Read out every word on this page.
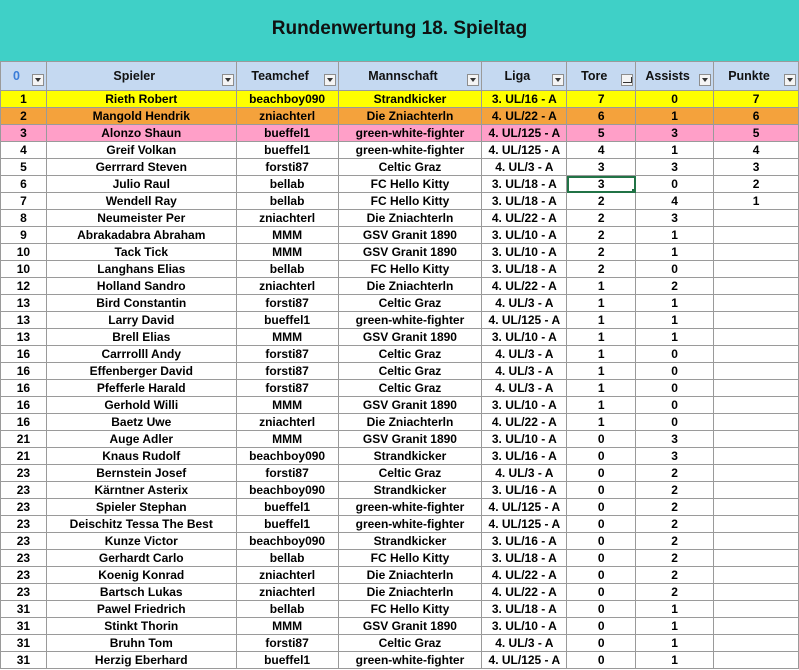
Rundenwertung 18. Spieltag
0	Spieler	Teamchef	Mannschaft	Liga	Tore	Assists	Punkte

1	Rieth Robert	beachboy090	Strandkicker	3. UL/16 - A	7	0	7
2	Mangold Hendrik	zniachterl	Die Zniachterln	4. UL/22 - A	6	1	6
3	Alonzo Shaun	bueffel1	green-white-fighter	4. UL/125 - A	5	3	5
4	Greif Volkan	bueffel1	green-white-fighter	4. UL/125 - A	4	1	4
5	Gerrrard Steven	forsti87	Celtic Graz	4. UL/3 - A	3	3	3
6	Julio Raul	bellab	FC Hello Kitty	3. UL/18 - A	3	0	2
7	Wendell Ray	bellab	FC Hello Kitty	3. UL/18 - A	2	4	1
8	Neumeister Per	zniachterl	Die Zniachterln	4. UL/22 - A	2	3	
9	Abrakadabra Abraham	MMM	GSV Granit 1890	3. UL/10 - A	2	1	
10	Tack Tick	MMM	GSV Granit 1890	3. UL/10 - A	2	1	
10	Langhans Elias	bellab	FC Hello Kitty	3. UL/18 - A	2	0	
12	Holland Sandro	zniachterl	Die Zniachterln	4. UL/22 - A	1	2	
13	Bird Constantin	forsti87	Celtic Graz	4. UL/3 - A	1	1	
13	Larry David	bueffel1	green-white-fighter	4. UL/125 - A	1	1	
13	Brell Elias	MMM	GSV Granit 1890	3. UL/10 - A	1	1	
16	Carrrolll Andy	forsti87	Celtic Graz	4. UL/3 - A	1	0	
16	Effenberger David	forsti87	Celtic Graz	4. UL/3 - A	1	0	
16	Pfefferle Harald	forsti87	Celtic Graz	4. UL/3 - A	1	0	
16	Gerhold Willi	MMM	GSV Granit 1890	3. UL/10 - A	1	0	
16	Baetz Uwe	zniachterl	Die Zniachterln	4. UL/22 - A	1	0	
21	Auge Adler	MMM	GSV Granit 1890	3. UL/10 - A	0	3	
21	Knaus Rudolf	beachboy090	Strandkicker	3. UL/16 - A	0	3	
23	Bernstein Josef	forsti87	Celtic Graz	4. UL/3 - A	0	2	
23	Kärntner Asterix	beachboy090	Strandkicker	3. UL/16 - A	0	2	
23	Spieler Stephan	bueffel1	green-white-fighter	4. UL/125 - A	0	2	
23	Deischitz Tessa The Best	bueffel1	green-white-fighter	4. UL/125 - A	0	2	
23	Kunze Victor	beachboy090	Strandkicker	3. UL/16 - A	0	2	
23	Gerhardt Carlo	bellab	FC Hello Kitty	3. UL/18 - A	0	2	
23	Koenig Konrad	zniachterl	Die Zniachterln	4. UL/22 - A	0	2	
23	Bartsch Lukas	zniachterl	Die Zniachterln	4. UL/22 - A	0	2	
31	Pawel Friedrich	bellab	FC Hello Kitty	3. UL/18 - A	0	1	
31	Stinkt Thorin	MMM	GSV Granit 1890	3. UL/10 - A	0	1	
31	Bruhn Tom	forsti87	Celtic Graz	4. UL/3 - A	0	1	
31	Herzig Eberhard	bueffel1	green-white-fighter	4. UL/125 - A	0	1	
